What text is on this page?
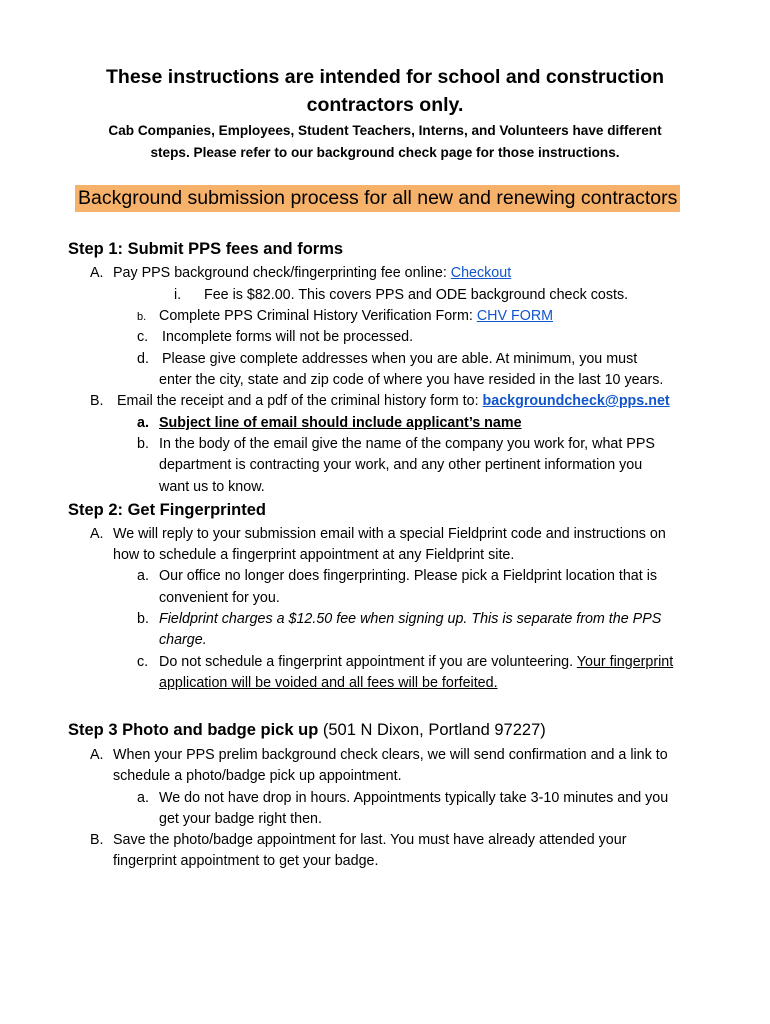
These instructions are intended for school and construction
contractors only.
Cab Companies, Employees, Student Teachers, Interns, and Volunteers have different
steps. Please refer to our background check page for those instructions.
Background submission process for all new and renewing contractors
Step 1: Submit PPS fees and forms
A. Pay PPS background check/fingerprinting fee online: Checkout
i. Fee is $82.00. This covers PPS and ODE background check costs.
b. Complete PPS Criminal History Verification Form: CHV FORM
c. Incomplete forms will not be processed.
d. Please give complete addresses when you are able. At minimum, you must
enter the city, state and zip code of where you have resided in the last 10 years.
B. Email the receipt and a pdf of the criminal history form to: backgroundcheck@pps.net
a. Subject line of email should include applicant’s name
b. In the body of the email give the name of the company you work for, what PPS
department is contracting your work, and any other pertinent information you
want us to know.
Step 2: Get Fingerprinted
A. We will reply to your submission email with a special Fieldprint code and instructions on
how to schedule a fingerprint appointment at any Fieldprint site.
a. Our office no longer does fingerprinting. Please pick a Fieldprint location that is
convenient for you.
b. Fieldprint charges a $12.50 fee when signing up. This is separate from the PPS
charge.
c. Do not schedule a fingerprint appointment if you are volunteering. Your fingerprint
application will be voided and all fees will be forfeited.
Step 3 Photo and badge pick up (501 N Dixon, Portland 97227)
A. When your PPS prelim background check clears, we will send confirmation and a link to
schedule a photo/badge pick up appointment.
a. We do not have drop in hours. Appointments typically take 3-10 minutes and you
get your badge right then.
B. Save the photo/badge appointment for last. You must have already attended your
fingerprint appointment to get your badge.
